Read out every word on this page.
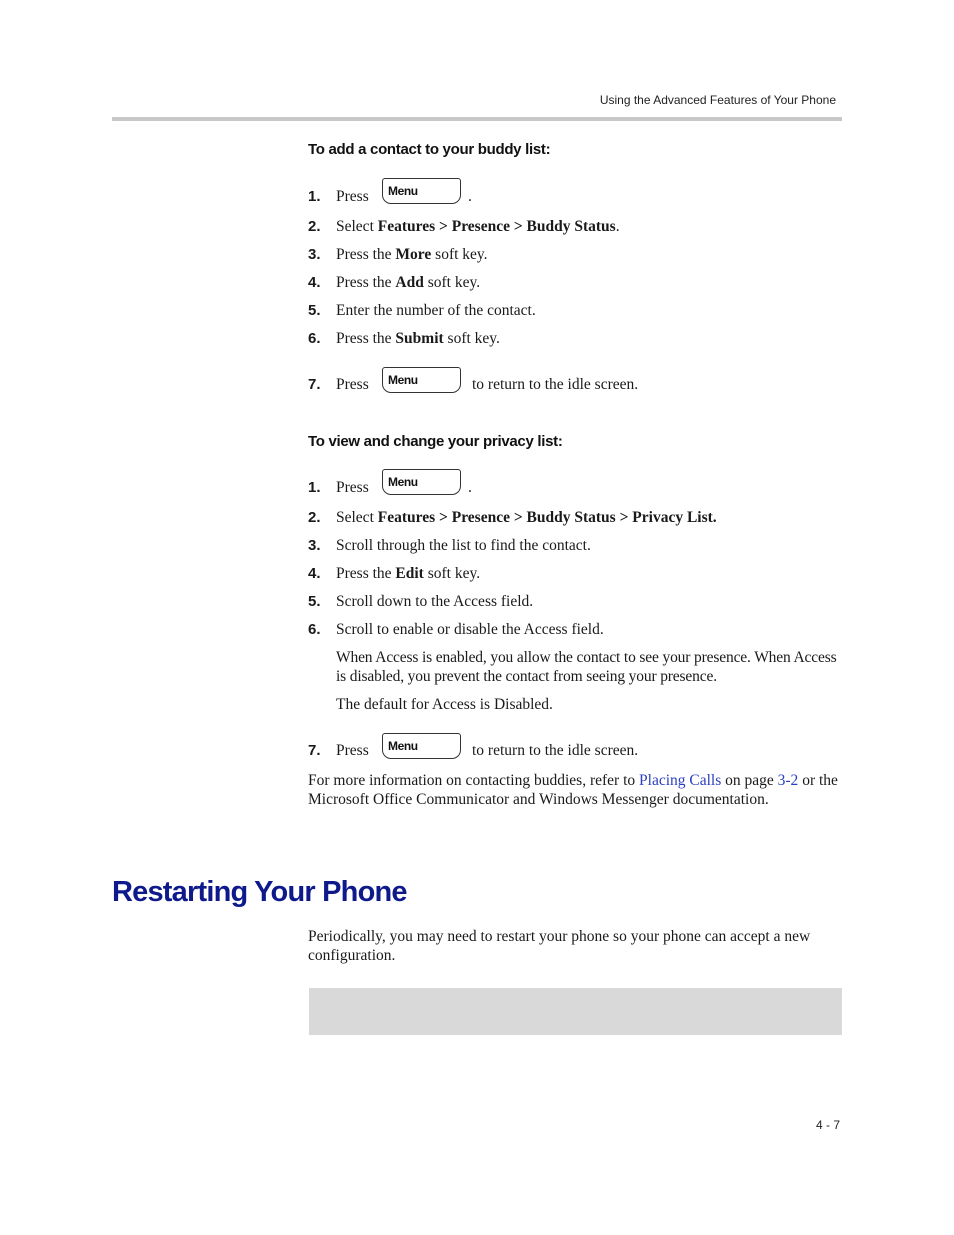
Using the Advanced Features of Your Phone
To add a contact to your buddy list:
1. Press Menu	.
2. Select Features > Presence > Buddy Status.
3. Press the More soft key.
4. Press the Add soft key.
5. Enter the number of the contact.
6. Press the Submit soft key.
7. Press Menu	to return to the idle screen.
To view and change your privacy list:
1. Press Menu	.
2. Select Features > Presence > Buddy Status > Privacy List.
3. Scroll through the list to find the contact.
4. Press the Edit soft key.
5. Scroll down to the Access field.
6. Scroll to enable or disable the Access field.
When Access is enabled, you allow the contact to see your presence. When Access is disabled, you prevent the contact from seeing your presence.
The default for Access is Disabled.
7. Press Menu	to return to the idle screen.
For more information on contacting buddies, refer to Placing Calls on page 3-2 or the Microsoft Office Communicator and Windows Messenger documentation.
Restarting Your Phone
Periodically, you may need to restart your phone so your phone can accept a new configuration.
4 - 7
